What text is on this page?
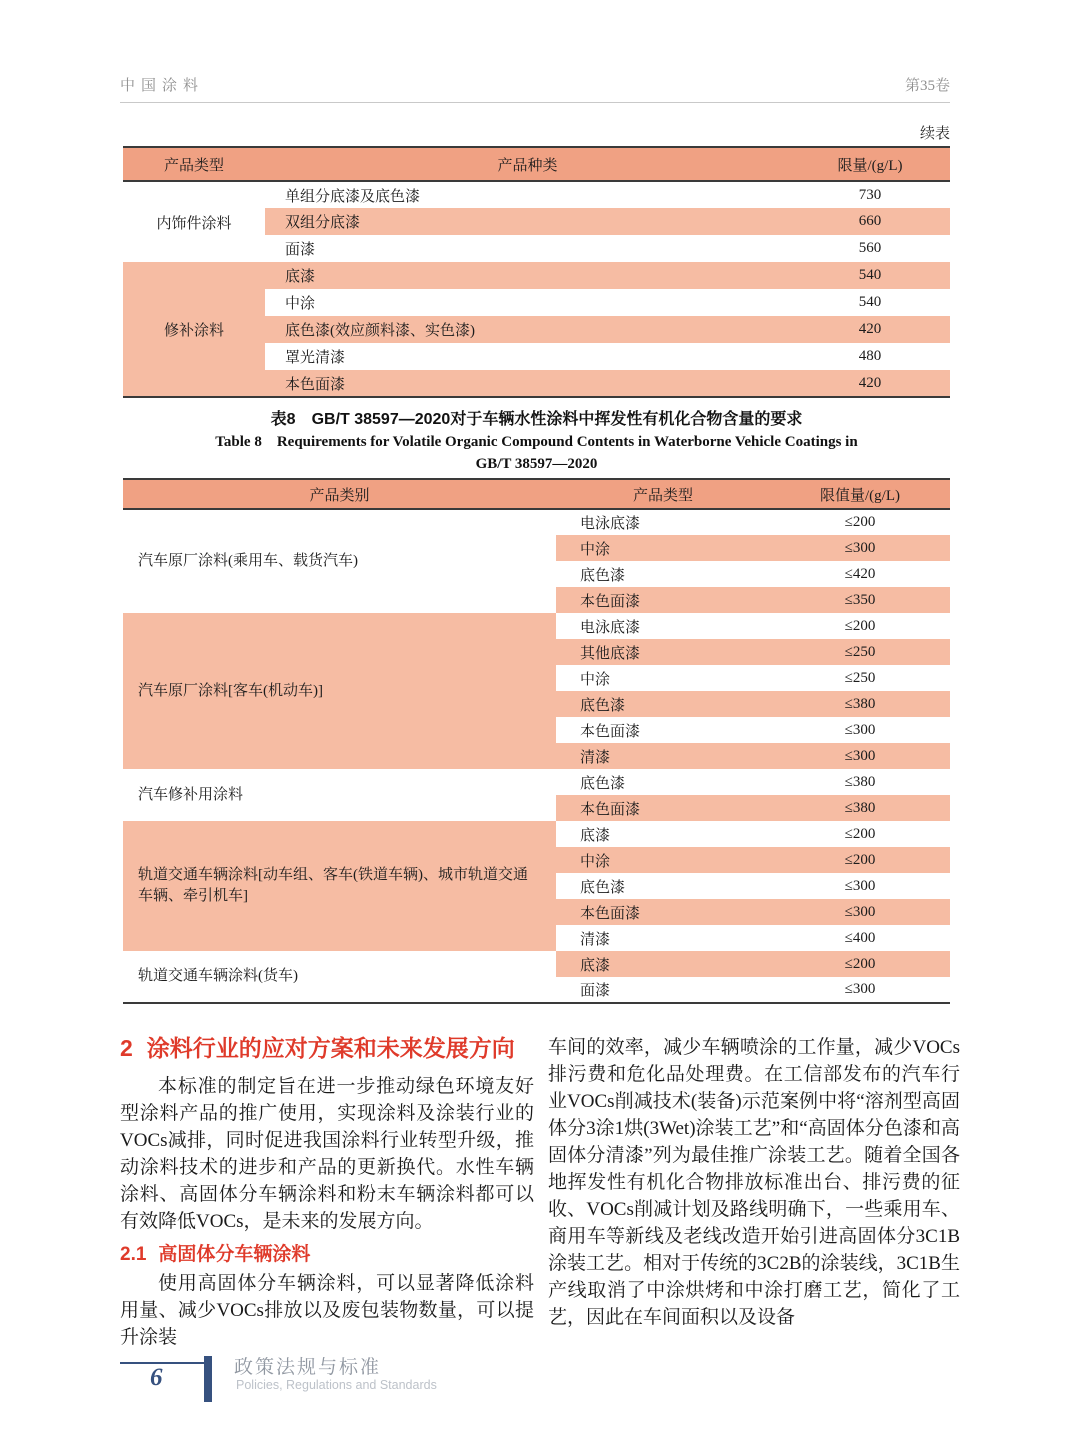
中国涂料	第35卷
续表
产品类型	产品种类	限量/(g/L)
内饰件涂料	单组分底漆及底色漆	730
	双组分底漆	660
	面漆	560
修补涂料	底漆	540
	中涂	540
	底色漆(效应颜料漆、实色漆)	420
	罩光清漆	480
	本色面漆	420
表8　GB/T 38597—2020对于车辆水性涂料中挥发性有机化合物含量的要求
Table 8　Requirements for Volatile Organic Compound Contents in Waterborne Vehicle Coatings in
GB/T 38597—2020
产品类别	产品类型	限值量/(g/L)
汽车原厂涂料(乘用车、载货汽车)	电泳底漆	≤200
	中涂	≤300
	底色漆	≤420
	本色面漆	≤350
汽车原厂涂料[客车(机动车)]	电泳底漆	≤200
	其他底漆	≤250
	中涂	≤250
	底色漆	≤380
	本色面漆	≤300
	清漆	≤300
汽车修补用涂料	底色漆	≤380
	本色面漆	≤380
轨道交通车辆涂料[动车组、客车(铁道车辆)、城市轨道交通车辆、牵引机车]	底漆	≤200
	中涂	≤200
	底色漆	≤300
	本色面漆	≤300
	清漆	≤400
轨道交通车辆涂料(货车)	底漆	≤200
	面漆	≤300
2 涂料行业的应对方案和未来发展方向

本标准的制定旨在进一步推动绿色环境友好型涂料产品的推广使用，实现涂料及涂装行业的VOCs减排，同时促进我国涂料行业转型升级，推动涂料技术的进步和产品的更新换代。水性车辆涂料、高固体分车辆涂料和粉末车辆涂料都可以有效降低VOCs，是未来的发展方向。

2.1 高固体分车辆涂料

使用高固体分车辆涂料，可以显著降低涂料用量、减少VOCs排放以及废包装物数量，可以提升涂装

车间的效率，减少车辆喷涂的工作量，减少VOCs排污费和危化品处理费。在工信部发布的汽车行业VOCs削减技术(装备)示范案例中将“溶剂型高固体分3涂1烘(3Wet)涂装工艺”和“高固体分色漆和高固体分清漆”列为最佳推广涂装工艺。随着全国各地挥发性有机化合物排放标准出台、排污费的征收、VOCs削减计划及路线明确下，一些乘用车、商用车等新线及老线改造开始引进高固体分3C1B涂装工艺。相对于传统的3C2B的涂装线，3C1B生产线取消了中涂烘烤和中涂打磨工艺，简化了工艺，因此在车间面积以及设备

6	政策法规与标准
Policies, Regulations and Standards
